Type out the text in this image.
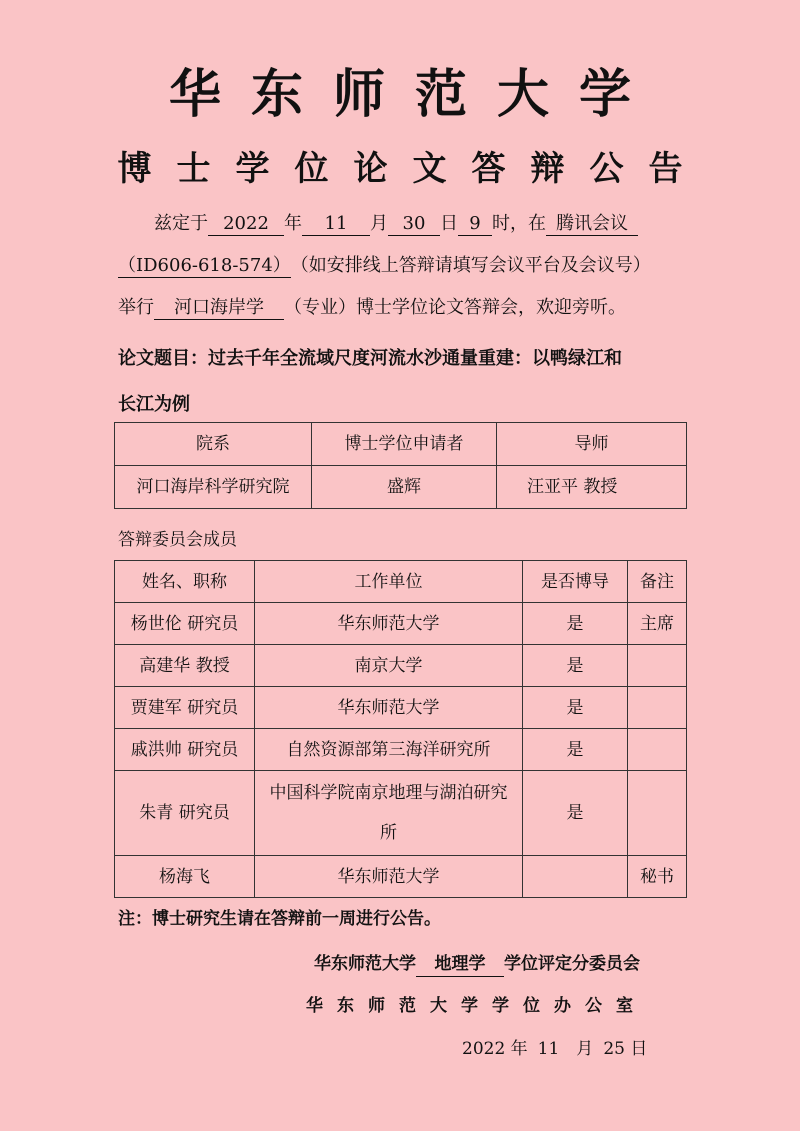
华东师范大学
博士学位论文答辩公告
兹定于 2022 年 11 月 30 日 9 时，在 腾讯会议
（ID606-618-574）（如安排线上答辩请填写会议平台及会议号）
举行 河口海岸学 （专业）博士学位论文答辩会，欢迎旁听。
论文题目：过去千年全流域尺度河流水沙通量重建：以鸭绿江和
长江为例
院系	博士学位申请者	导师
河口海岸科学研究院	盛辉	汪亚平 教授
答辩委员会成员
姓名、职称	工作单位	是否博导	备注
杨世伦 研究员	华东师范大学	是	主席
高建华 教授	南京大学	是	
贾建军 研究员	华东师范大学	是	
戚洪帅 研究员	自然资源部第三海洋研究所	是	
朱青 研究员	中国科学院南京地理与湖泊研究所	是	
杨海飞	华东师范大学		秘书
注：博士研究生请在答辩前一周进行公告。
华东师范大学 地理学 学位评定分委员会
华东师范大学学位办公室
2022 年 11　月 25 日
